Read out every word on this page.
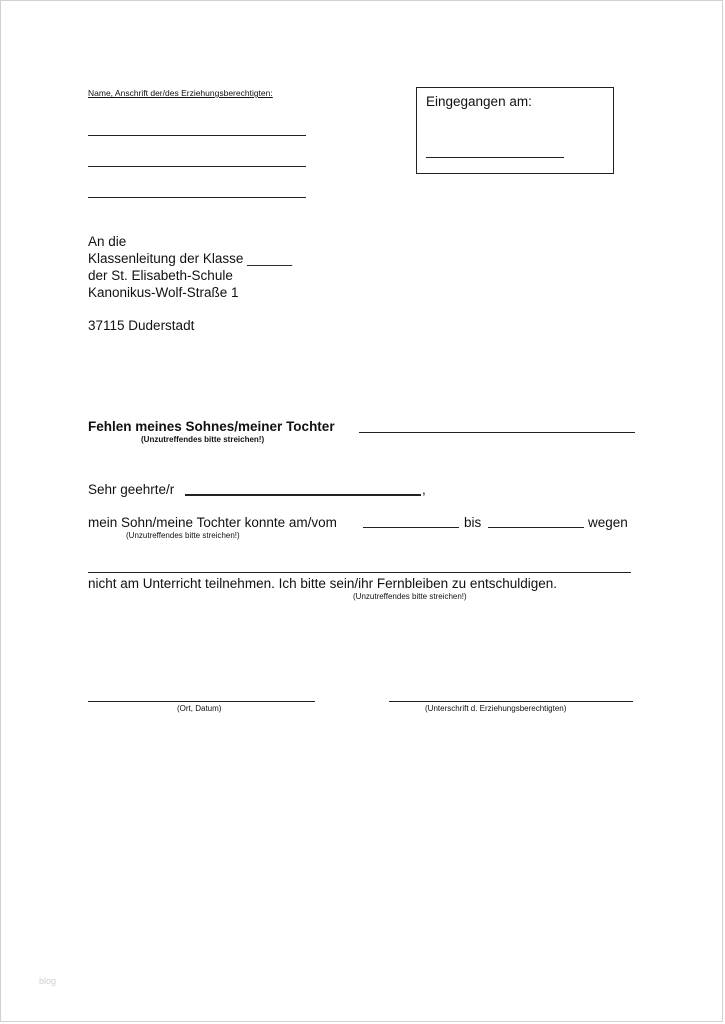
Name, Anschrift der/des Erziehungsberechtigten:
Eingegangen am:
An die
Klassenleitung der Klasse ______
der St. Elisabeth-Schule
Kanonikus-Wolf-Straße 1
37115 Duderstadt
Fehlen meines Sohnes/meiner Tochter
(Unzutreffendes bitte streichen!)
Sehr geehrte/r	,
mein Sohn/meine Tochter konnte am/vom	bis	wegen
(Unzutreffendes bitte streichen!)
nicht am Unterricht teilnehmen. Ich bitte sein/ihr Fernbleiben zu entschuldigen.
(Unzutreffendes bitte streichen!)
(Ort, Datum)	(Unterschrift d. Erziehungsberechtigten)
blog
